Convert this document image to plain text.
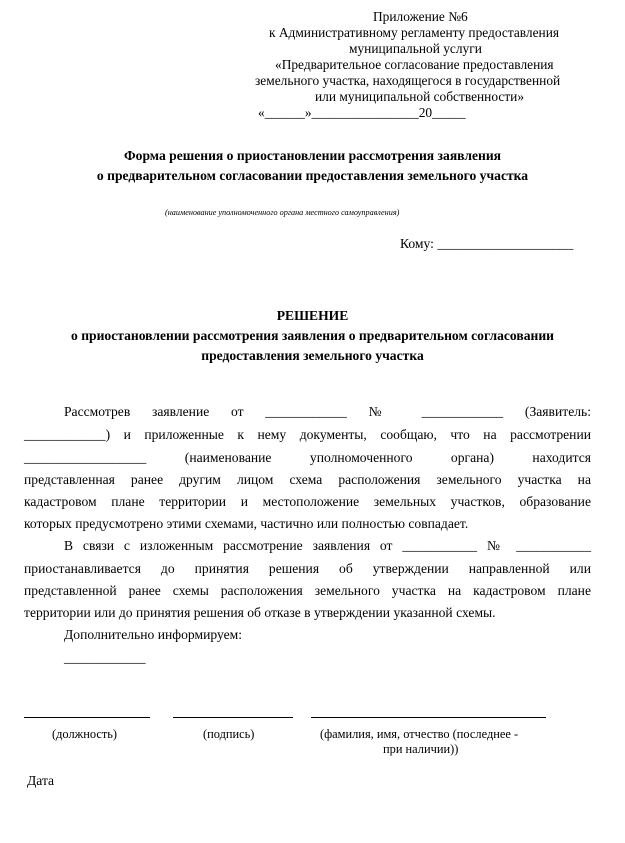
Приложение №6
к Административному регламенту предоставления
муниципальной услуги
«Предварительное согласование предоставления
земельного участка, находящегося в государственной
или муниципальной собственности»
«______»________________20_____
Форма решения о приостановлении рассмотрения заявления
о предварительном согласовании предоставления земельного участка
(наименование уполномоченного органа местного самоуправления)
Кому: ____________________
РЕШЕНИЕ
о приостановлении рассмотрения заявления о предварительном согласовании
предоставления земельного участка
Рассмотрев заявление от ____________ № ____________ (Заявитель:
____________) и приложенные к нему документы, сообщаю, что на рассмотрении
__________________ (наименование уполномоченного органа) находится
представленная ранее другим лицом схема расположения земельного участка на
кадастровом плане территории и местоположение земельных участков, образование
которых предусмотрено этими схемами, частично или полностью совпадает.
В связи с изложенным рассмотрение заявления от ___________ № ___________
приостанавливается до принятия решения об утверждении направленной или
представленной ранее схемы расположения земельного участка на кадастровом плане
территории или до принятия решения об отказе в утверждении указанной схемы.
Дополнительно информируем:
____________
(должность)	(подпись)	(фамилия, имя, отчество (последнее -
при наличии))
Дата
